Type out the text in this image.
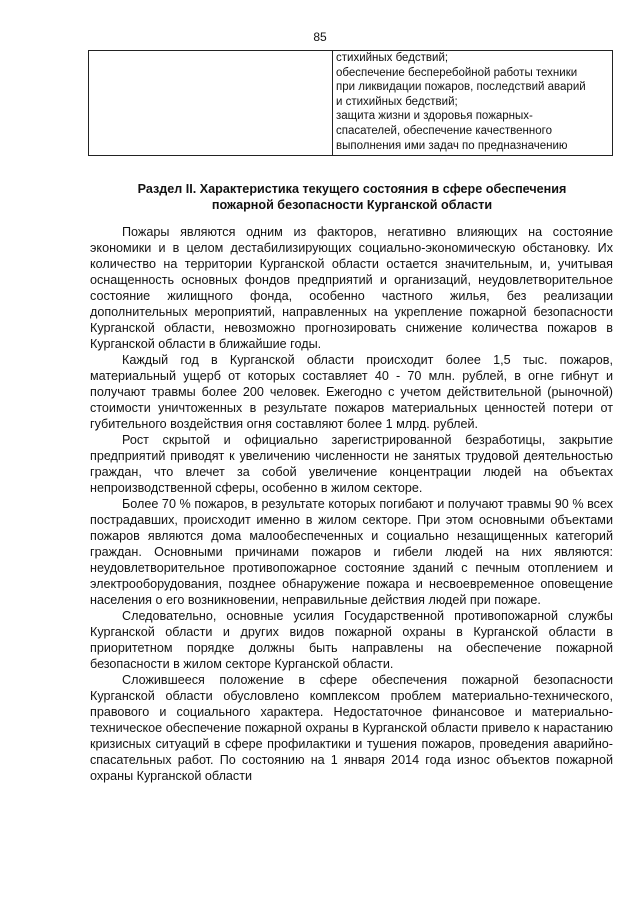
85

стихийных бедствий;
обеспечение бесперебойной работы техники
при ликвидации пожаров, последствий аварий
и стихийных бедствий;
защита жизни и здоровья пожарных-
спасателей, обеспечение качественного
выполнения ими задач по предназначению
Раздел II. Характеристика текущего состояния в сфере обеспечения
пожарной безопасности Курганской области

Пожары являются одним из факторов, негативно влияющих на состояние экономики и в целом дестабилизирующих социально-экономическую обстановку. Их количество на территории Курганской области остается значительным, и, учитывая оснащенность основных фондов предприятий и организаций, неудовлетворительное состояние жилищного фонда, особенно частного жилья, без реализации дополнительных мероприятий, направленных на укрепление пожарной безопасности Курганской области, невозможно прогнозировать снижение количества пожаров в Курганской области в ближайшие годы.

Каждый год в Курганской области происходит более 1,5 тыс. пожаров, материальный ущерб от которых составляет 40 - 70 млн. рублей, в огне гибнут и получают травмы более 200 человек. Ежегодно с учетом действительной (рыночной) стоимости уничтоженных в результате пожаров материальных ценностей потери от губительного воздействия огня составляют более 1 млрд. рублей.

Рост скрытой и официально зарегистрированной безработицы, закрытие предприятий приводят к увеличению численности не занятых трудовой деятельностью граждан, что влечет за собой увеличение концентрации людей на объектах непроизводственной сферы, особенно в жилом секторе.

Более 70 % пожаров, в результате которых погибают и получают травмы 90 % всех пострадавших, происходит именно в жилом секторе. При этом основными объектами пожаров являются дома малообеспеченных и социально незащищенных категорий граждан. Основными причинами пожаров и гибели людей на них являются: неудовлетворительное противопожарное состояние зданий с печным отоплением и электрооборудования, позднее обнаружение пожара и несвоевременное оповещение населения о его возникновении, неправильные действия людей при пожаре.

Следовательно, основные усилия Государственной противопожарной службы Курганской области и других видов пожарной охраны в Курганской области в приоритетном порядке должны быть направлены на обеспечение пожарной безопасности в жилом секторе Курганской области.

Сложившееся положение в сфере обеспечения пожарной безопасности Курганской области обусловлено комплексом проблем материально-технического, правового и социального характера. Недостаточное финансовое и материально-техническое обеспечение пожарной охраны в Курганской области привело к нарастанию кризисных ситуаций в сфере профилактики и тушения пожаров, проведения аварийно-спасательных работ. По состоянию на 1 января 2014 года износ объектов пожарной охраны Курганской области
